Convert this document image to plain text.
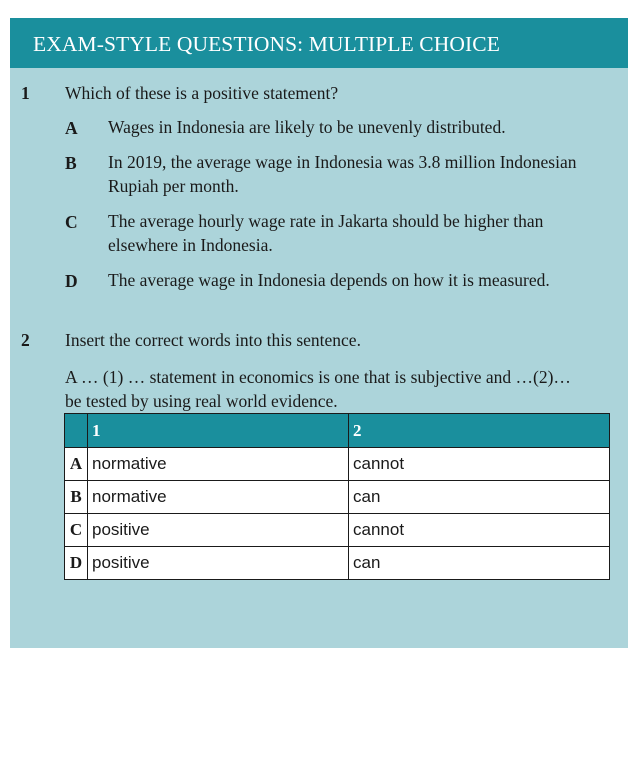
EXAM-STYLE QUESTIONS: MULTIPLE CHOICE
1 Which of these is a positive statement?
A Wages in Indonesia are likely to be unevenly distributed.
B In 2019, the average wage in Indonesia was 3.8 million Indonesian Rupiah per month.
C The average hourly wage rate in Jakarta should be higher than elsewhere in Indonesia.
D The average wage in Indonesia depends on how it is measured.
2 Insert the correct words into this sentence.
A … (1) … statement in economics is one that is subjective and …(2)… be tested by using real world evidence.
	1	2
A	normative	cannot
B	normative	can
C	positive	cannot
D	positive	can
